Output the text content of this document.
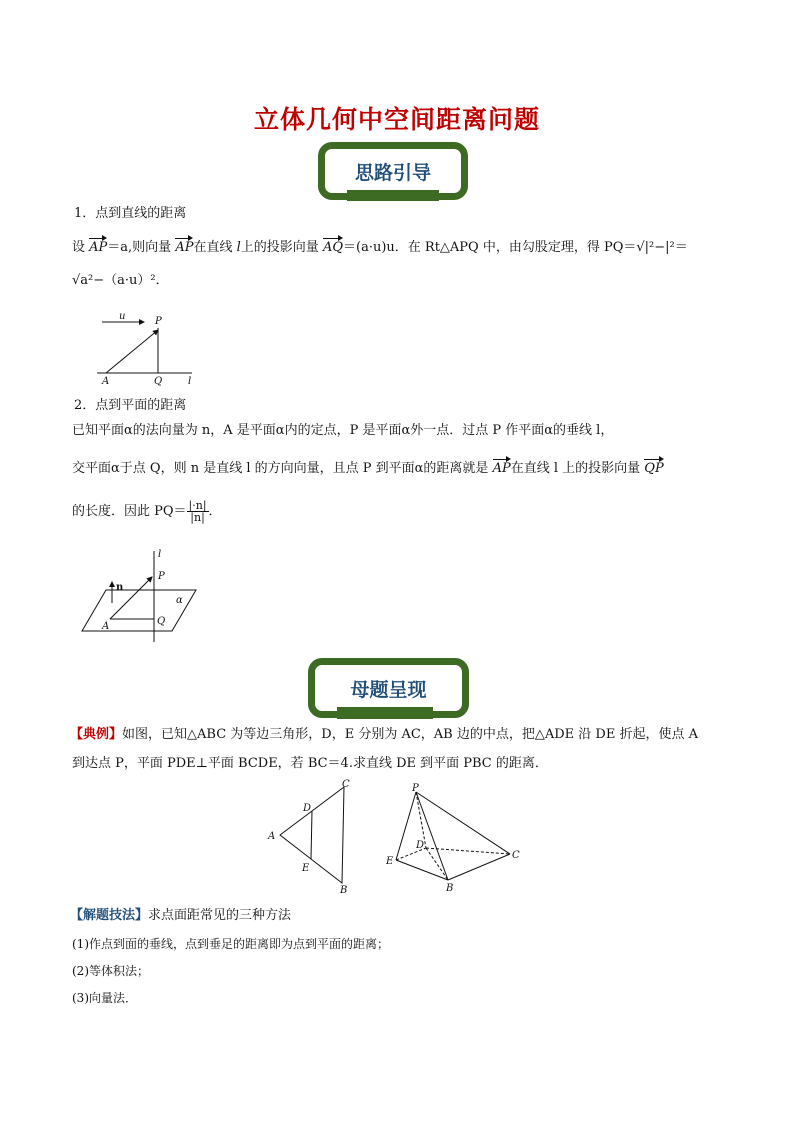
立体几何中空间距离问题
思路引导
1．点到直线的距离
设 AP＝a,则向量 AP在直线 l上的投影向量 AQ＝(a·u)u．在 Rt△APQ 中，由勾股定理，得 PQ＝√|²−|²＝
√a²−（a·u）²．
u	P
A	Q	l
2．点到平面的距离
已知平面α的法向量为 n，A 是平面α内的定点，P 是平面α外一点．过点 P 作平面α的垂线 l，
交平面α于点 Q，则 n 是直线 l 的方向向量，且点 P 到平面α的距离就是 AP在直线 l 上的投影向量 QP
的长度．因此 $PQ= \frac{|\cdot n|}{|n|}$ ．
l
n
P
α
A	Q
母题呈现
【典例】如图，已知△ABC 为等边三角形，D，E 分别为 AC，AB 边的中点，把△ADE 沿 DE 折起，使点 A
到达点 P，平面 PDE⊥平面 BCDE，若 BC＝4.求直线 DE 到平面 PBC 的距离．
A
C
D
E
B
P
E
D
C
B
【解题技法】求点面距常见的三种方法
(1)作点到面的垂线，点到垂足的距离即为点到平面的距离；
(2)等体积法；
(3)向量法．
